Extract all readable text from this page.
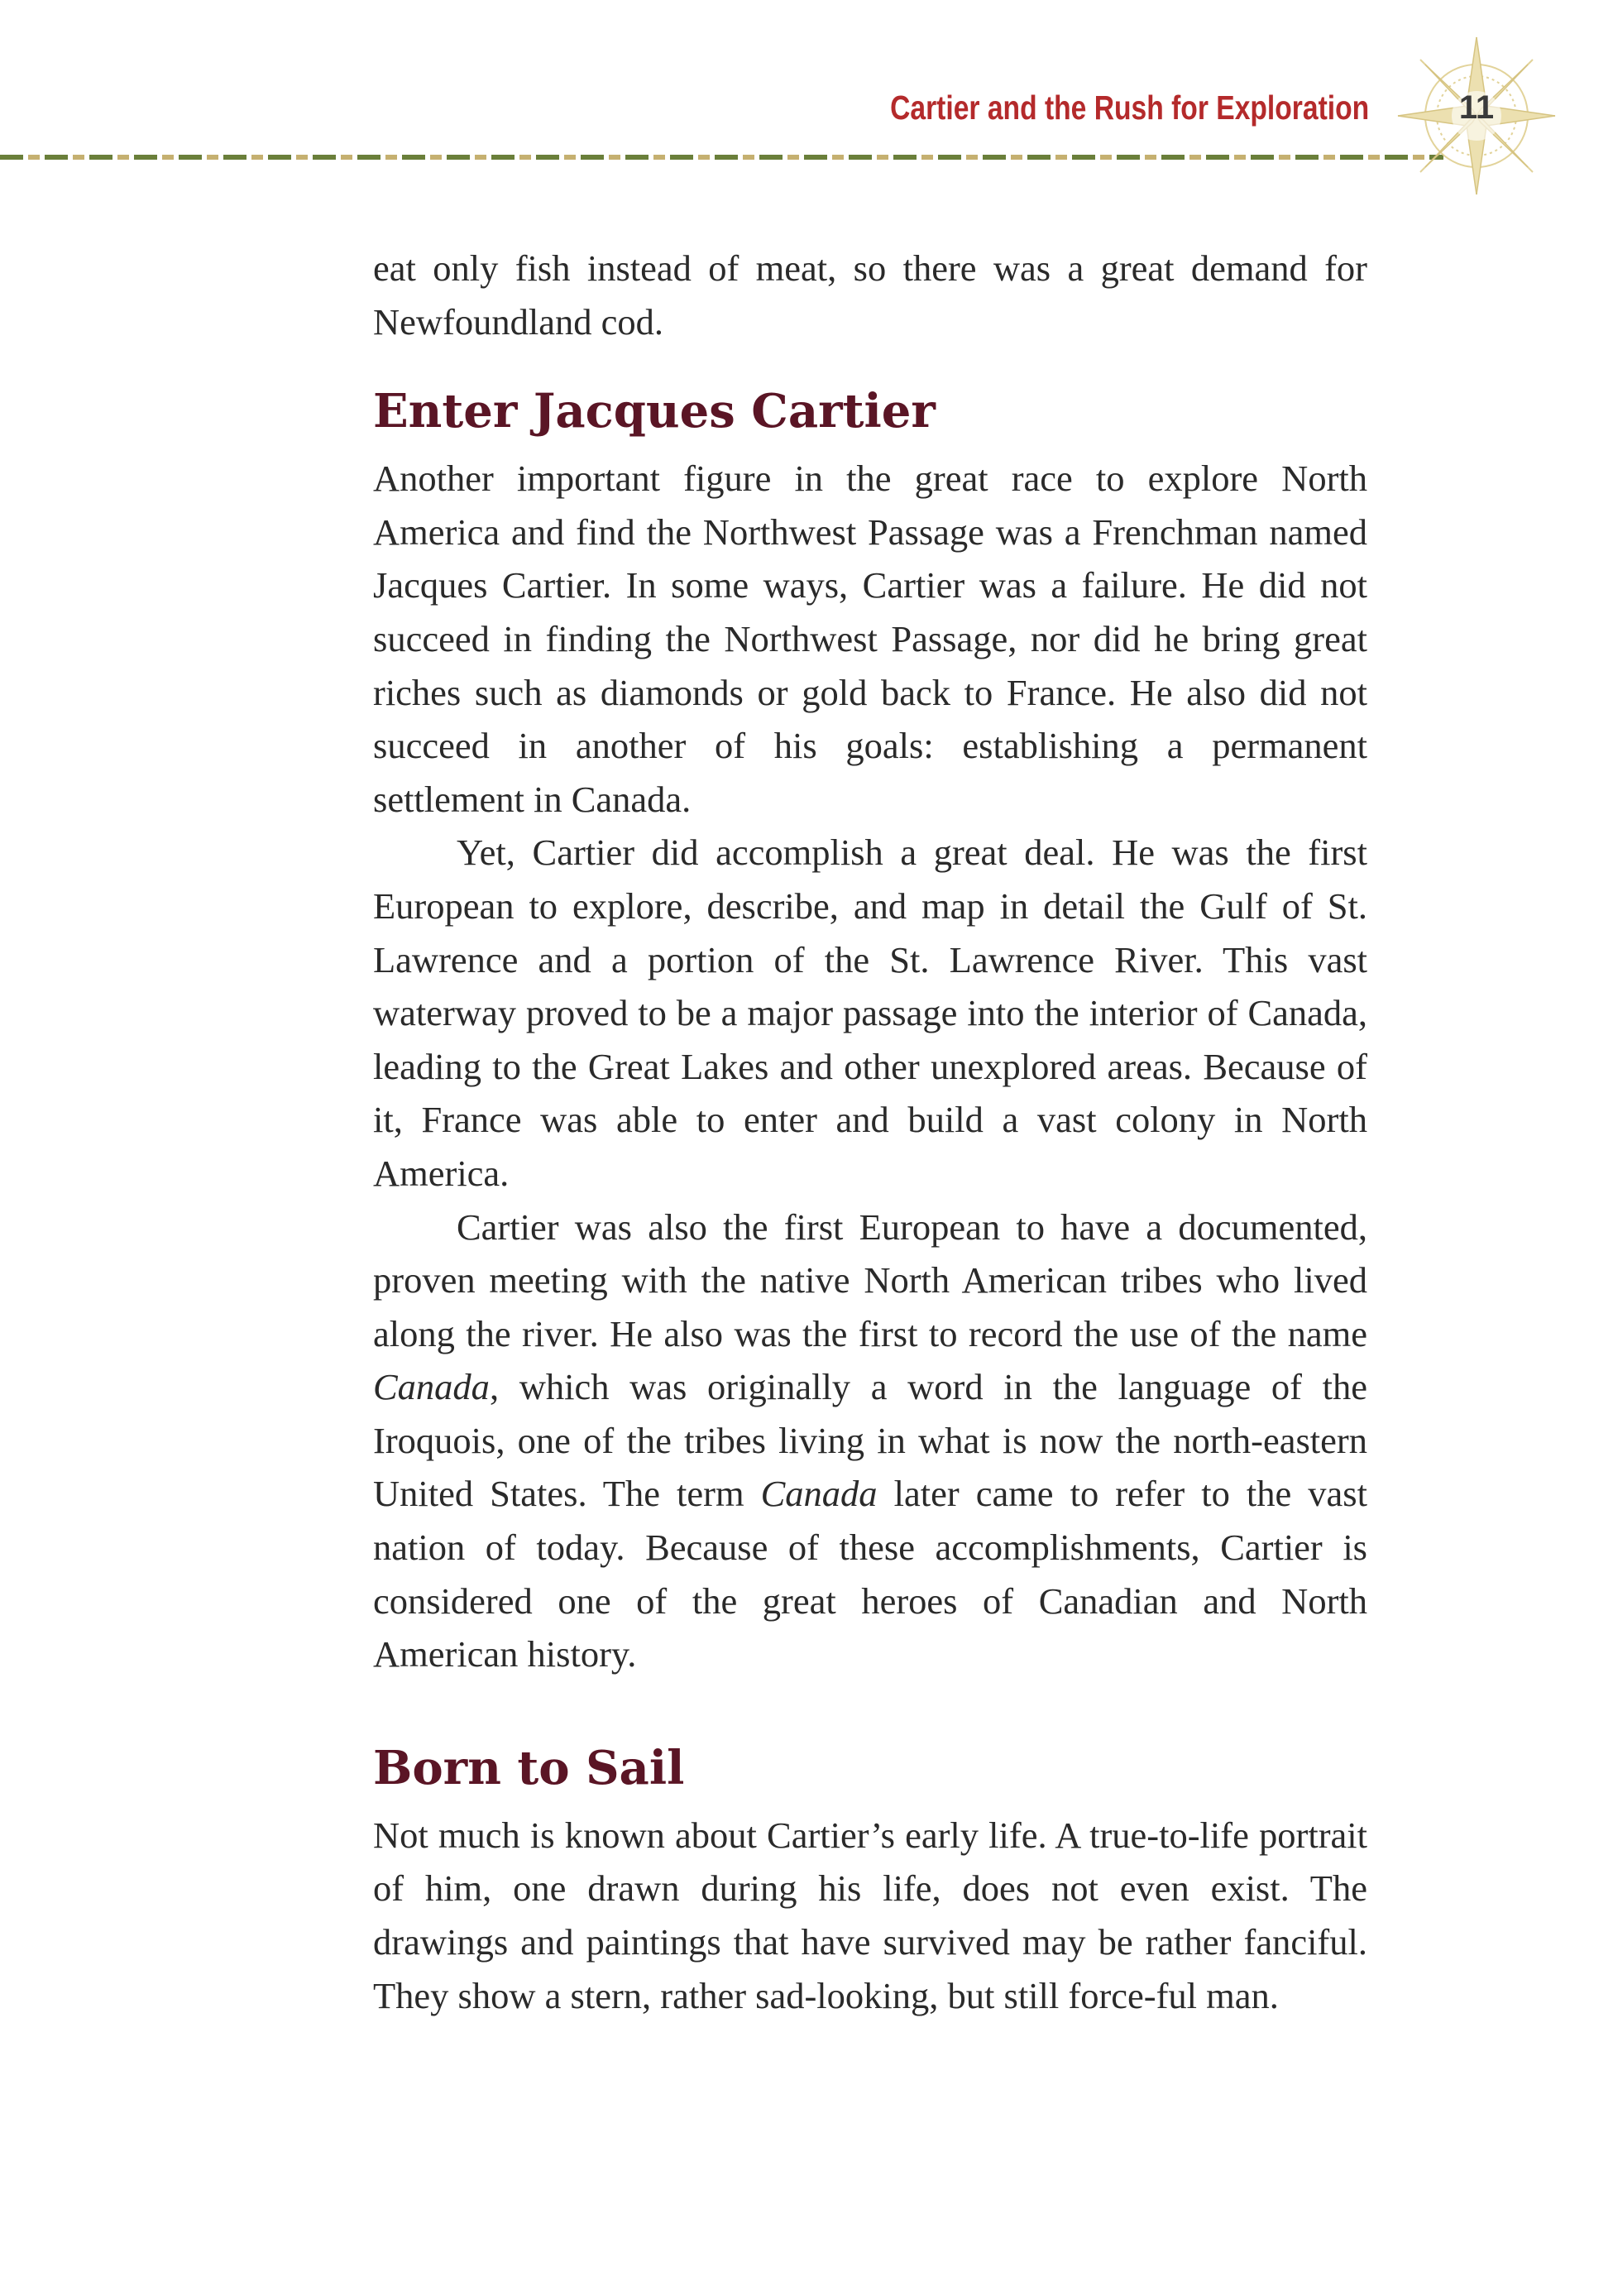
Cartier and the Rush for Exploration	11

eat only fish instead of meat, so there was a great demand for Newfoundland cod.

Enter Jacques Cartier

Another important figure in the great race to explore North America and find the Northwest Passage was a Frenchman named Jacques Cartier. In some ways, Cartier was a failure. He did not succeed in finding the Northwest Passage, nor did he bring great riches such as diamonds or gold back to France. He also did not succeed in another of his goals: establishing a permanent settlement in Canada.

Yet, Cartier did accomplish a great deal. He was the first European to explore, describe, and map in detail the Gulf of St. Lawrence and a portion of the St. Lawrence River. This vast waterway proved to be a major passage into the interior of Canada, leading to the Great Lakes and other unexplored areas. Because of it, France was able to enter and build a vast colony in North America.

Cartier was also the first European to have a documented, proven meeting with the native North American tribes who lived along the river. He also was the first to record the use of the name Canada, which was originally a word in the language of the Iroquois, one of the tribes living in what is now the north-eastern United States. The term Canada later came to refer to the vast nation of today. Because of these accomplishments, Cartier is considered one of the great heroes of Canadian and North American history.

Born to Sail

Not much is known about Cartier’s early life. A true-to-life portrait of him, one drawn during his life, does not even exist. The drawings and paintings that have survived may be rather fanciful. They show a stern, rather sad-looking, but still force-ful man.
